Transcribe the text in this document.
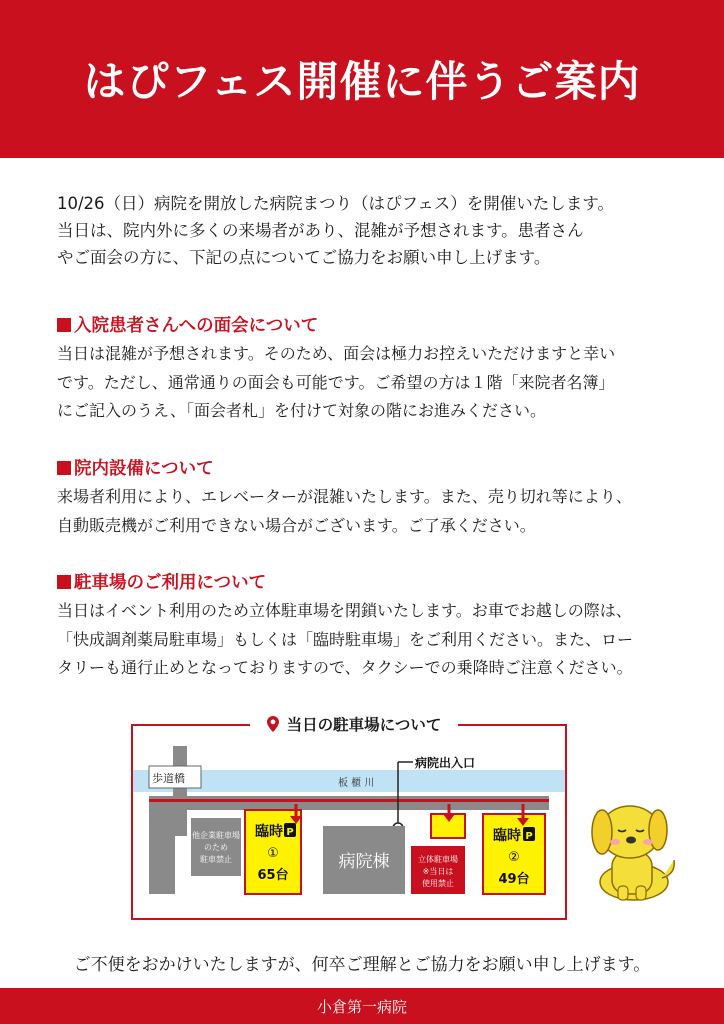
はぴフェス開催に伴うご案内

10/26（日）病院を開放した病院まつり（はぴフェス）を開催いたします。
当日は、院内外に多くの来場者があり、混雑が予想されます。患者さん
やご面会の方に、下記の点についてご協力をお願い申し上げます。

入院患者さんへの面会について

当日は混雑が予想されます。そのため、面会は極力お控えいただけますと幸い
です。ただし、通常通りの面会も可能です。ご希望の方は１階「来院者名簿」
にご記入のうえ、「面会者札」を付けて対象の階にお進みください。

院内設備について

来場者利用により、エレベーターが混雑いたします。また、売り切れ等により、
自動販売機がご利用できない場合がございます。ご了承ください。

駐車場のご利用について

当日はイベント利用のため立体駐車場を閉鎖いたします。お車でお越しの際は、
「快成調剤薬局駐車場」もしくは「臨時駐車場」をご利用ください。また、ロー
タリーも通行止めとなっておりますので、タクシーでの乗降時ご注意ください。

板 櫃 川
歩道橋
病院出入口
他企業駐車場
のため
駐車禁止
臨時 P
①
65台
病院棟	立体駐車場
※当日は
使用禁止
臨時 P
②
49台
当日の駐車場について

ご不便をおかけいたしますが、何卒ご理解とご協力をお願い申し上げます。

小倉第一病院
